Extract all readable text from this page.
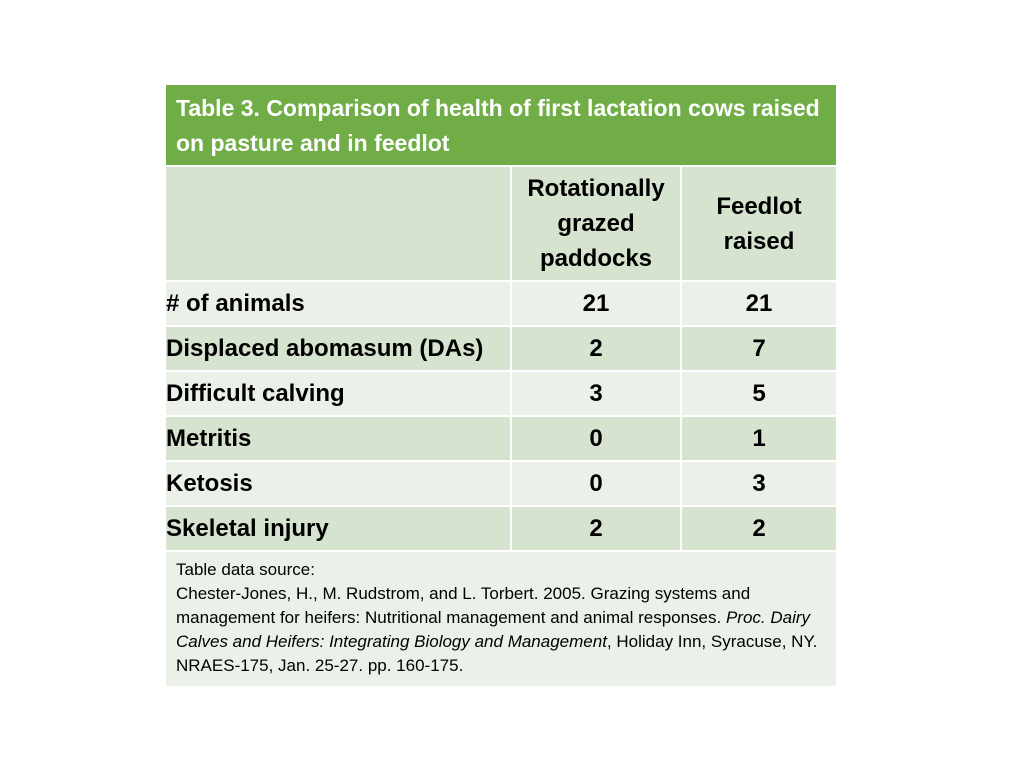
Table 3. Comparison of health of first lactation cows raised on pasture and in feedlot		
	Rotationally grazed paddocks	Feedlot raised
# of animals	21	21
Displaced abomasum (DAs)	2	7
Difficult calving	3	5
Metritis	0	1
Ketosis	0	3
Skeletal injury	2	2
Table data source:
Chester-Jones, H., M. Rudstrom, and L. Torbert. 2005. Grazing systems and management for heifers: Nutritional management and animal responses. Proc. Dairy Calves and Heifers: Integrating Biology and Management, Holiday Inn, Syracuse, NY. NRAES-175, Jan. 25-27. pp. 160-175.		
